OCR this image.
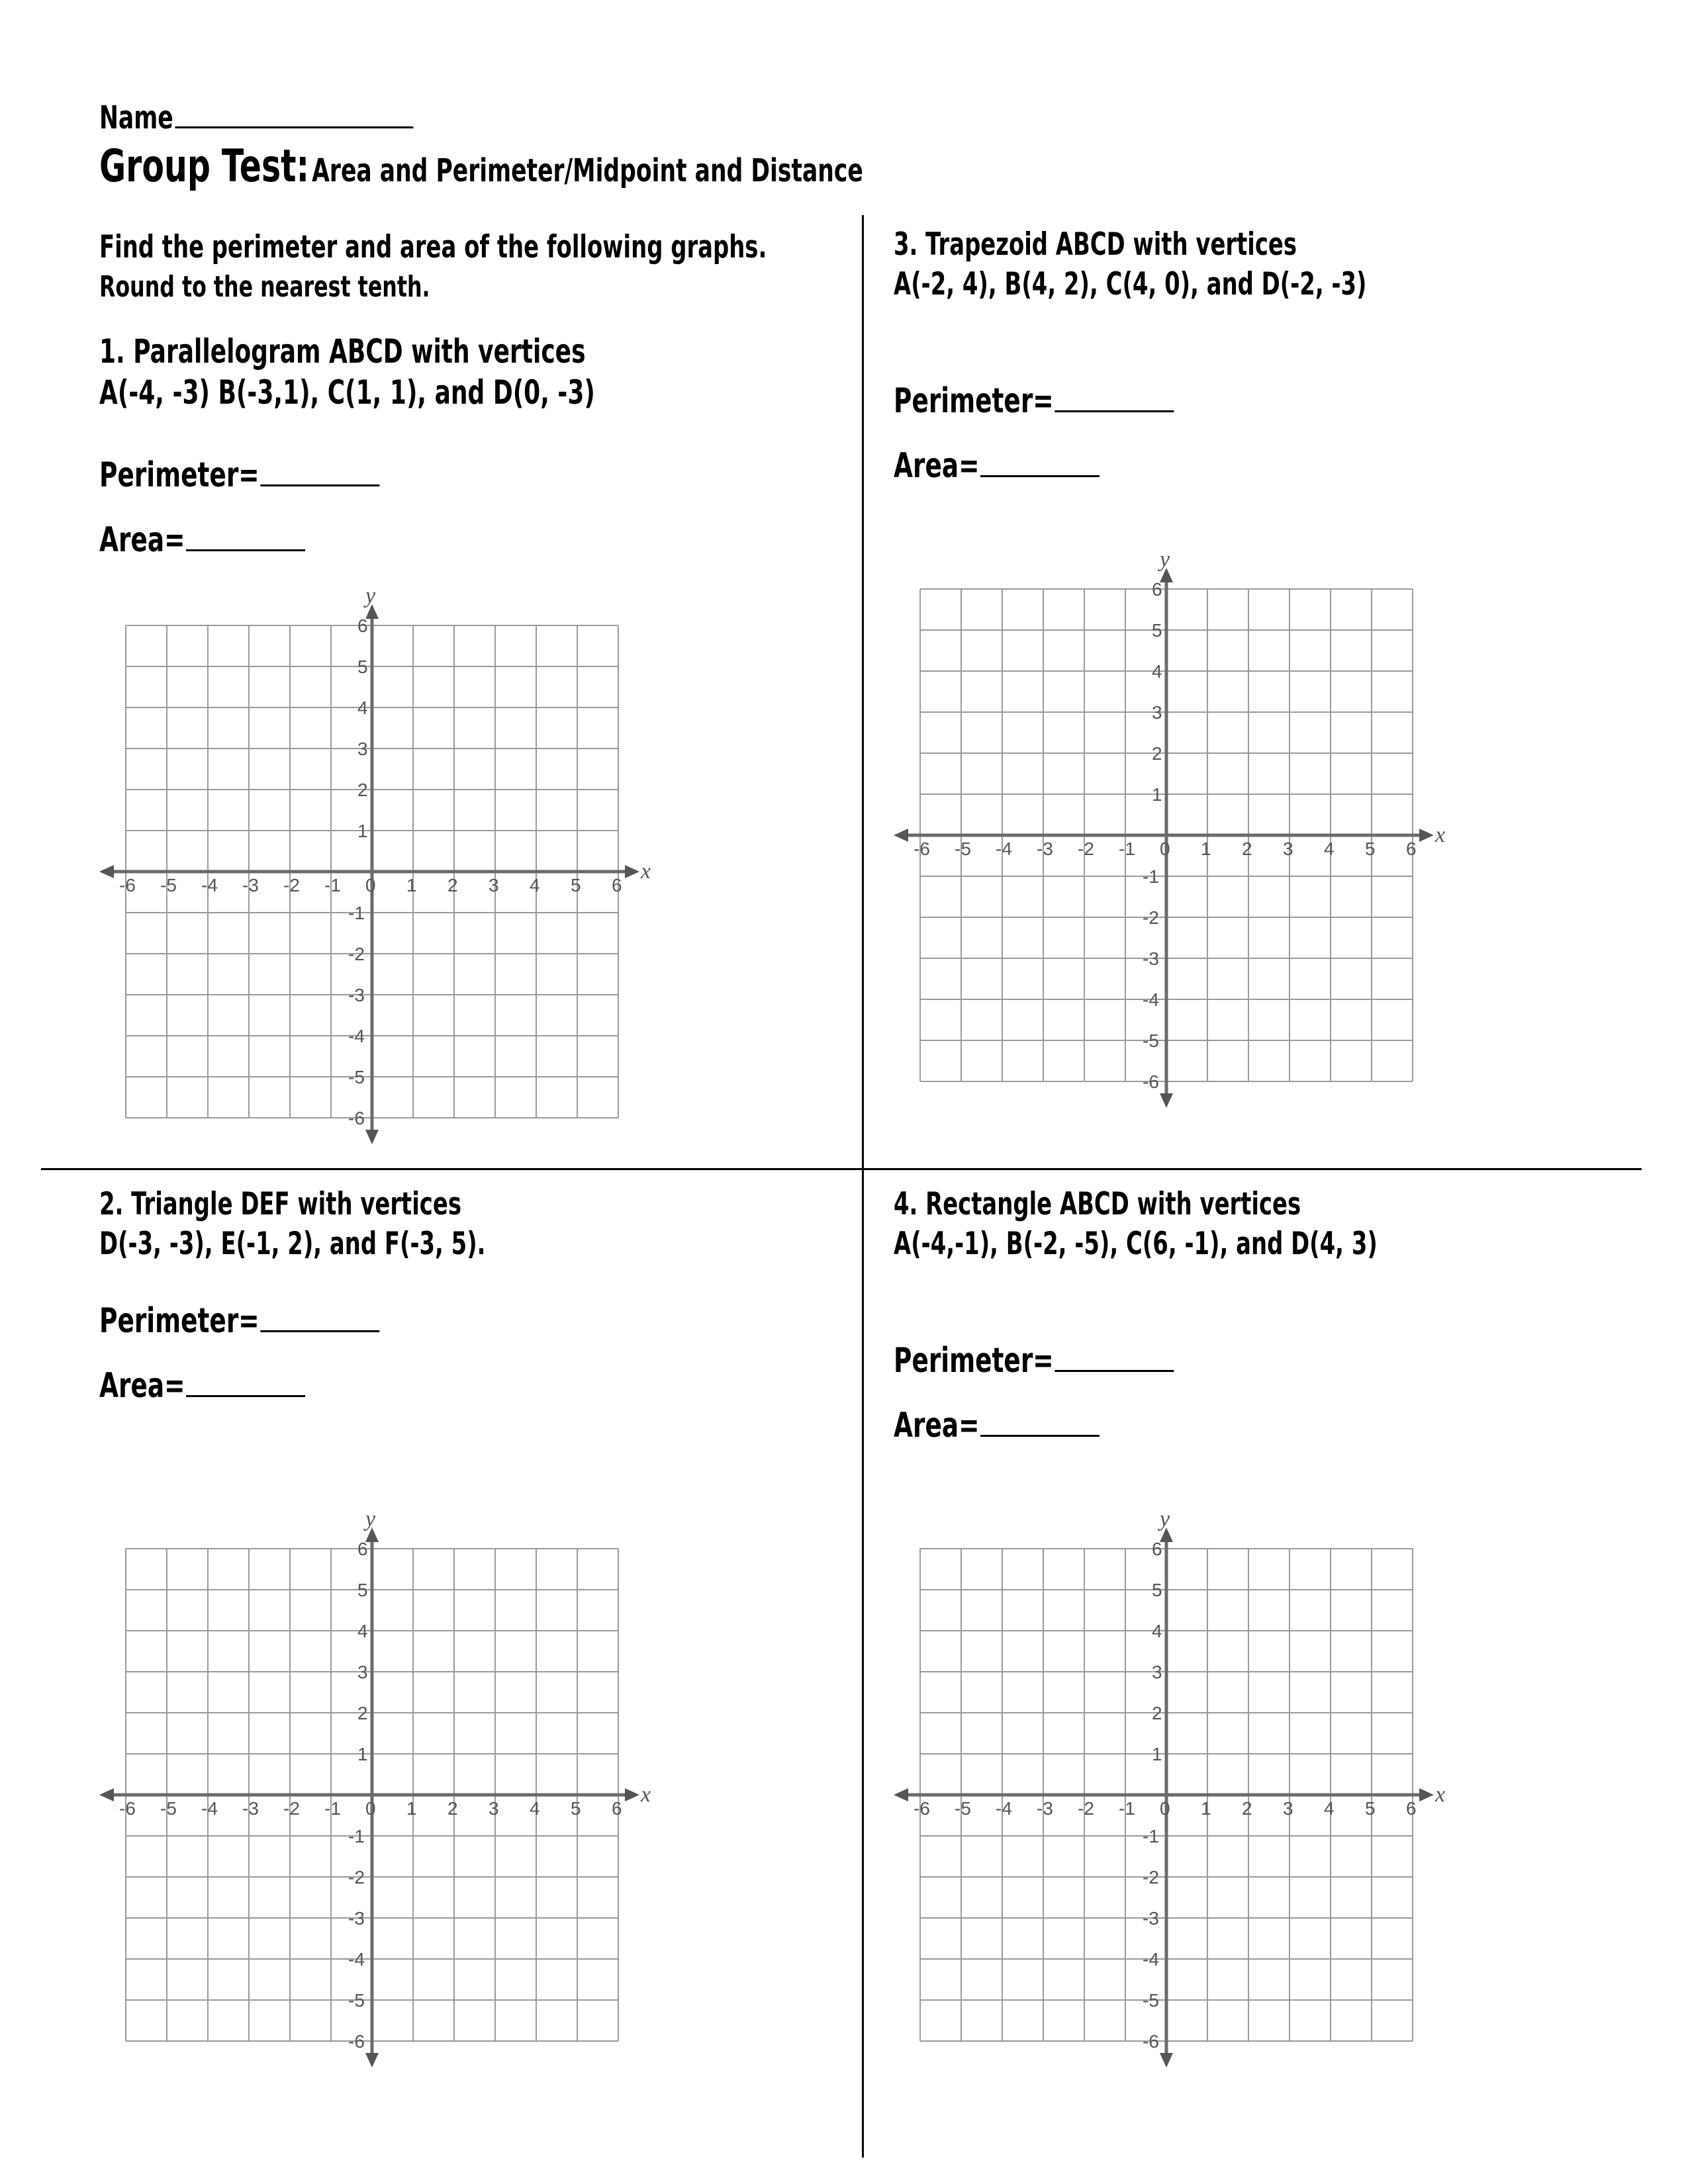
Name
Group Test: Area and Perimeter/Midpoint and Distance
Find the perimeter and area of the following graphs.
Round to the nearest tenth.
1. Parallelogram ABCD with vertices
A(-4, -3) B(-3,1), C(1, 1), and D(0, -3)
Perimeter=
Area=
-6 -5 -4 -3 -2 -1 0 1 2 3 4 5 6
6
5
4
3
2
1
-1
-2
-3
-4
-5
-6
x
y
3. Trapezoid ABCD with vertices
A(-2, 4), B(4, 2), C(4, 0), and D(-2, -3)
Perimeter=
Area=
-6 -5 -4 -3 -2 -1 0 1 2 3 4 5 6
6
5
4
3
2
1
-1
-2
-3
-4
-5
-6
x
y
2. Triangle DEF with vertices
D(-3, -3), E(-1, 2), and F(-3, 5).
Perimeter=
Area=
-6 -5 -4 -3 -2 -1 0 1 2 3 4 5 6
6
5
4
3
2
1
-1
-2
-3
-4
-5
-6
x
y
4. Rectangle ABCD with vertices
A(-4,-1), B(-2, -5), C(6, -1), and D(4, 3)
Perimeter=
Area=
-6 -5 -4 -3 -2 -1 0 1 2 3 4 5 6
6
5
4
3
2
1
-1
-2
-3
-4
-5
-6
x
y
